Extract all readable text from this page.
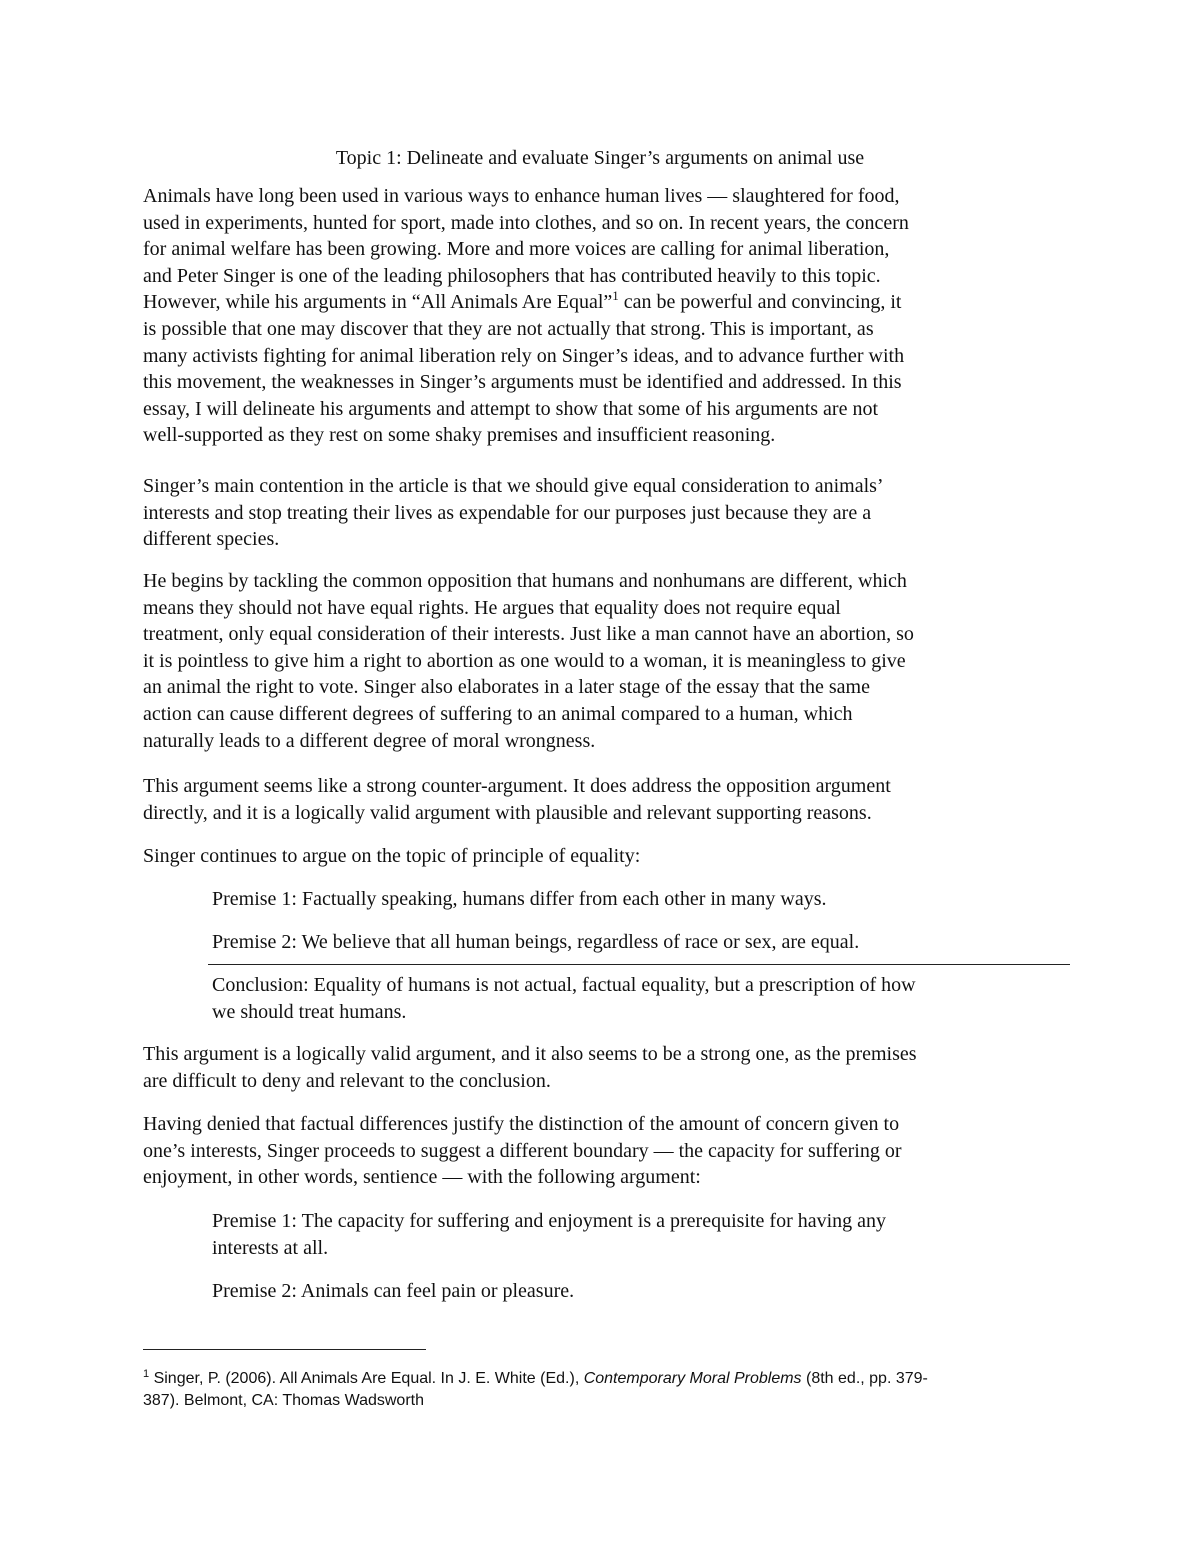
Topic 1: Delineate and evaluate Singer’s arguments on animal use
Animals have long been used in various ways to enhance human lives — slaughtered for food,
used in experiments, hunted for sport, made into clothes, and so on. In recent years, the concern
for animal welfare has been growing. More and more voices are calling for animal liberation,
and Peter Singer is one of the leading philosophers that has contributed heavily to this topic.
However, while his arguments in “All Animals Are Equal”$^1$ can be powerful and convincing, it
is possible that one may discover that they are not actually that strong. This is important, as
many activists fighting for animal liberation rely on Singer’s ideas, and to advance further with
this movement, the weaknesses in Singer’s arguments must be identified and addressed. In this
essay, I will delineate his arguments and attempt to show that some of his arguments are not
well-supported as they rest on some shaky premises and insufficient reasoning.
Singer’s main contention in the article is that we should give equal consideration to animals’
interests and stop treating their lives as expendable for our purposes just because they are a
different species.
He begins by tackling the common opposition that humans and nonhumans are different, which
means they should not have equal rights. He argues that equality does not require equal
treatment, only equal consideration of their interests. Just like a man cannot have an abortion, so
it is pointless to give him a right to abortion as one would to a woman, it is meaningless to give
an animal the right to vote. Singer also elaborates in a later stage of the essay that the same
action can cause different degrees of suffering to an animal compared to a human, which
naturally leads to a different degree of moral wrongness.
This argument seems like a strong counter-argument. It does address the opposition argument
directly, and it is a logically valid argument with plausible and relevant supporting reasons.
Singer continues to argue on the topic of principle of equality:
Premise 1: Factually speaking, humans differ from each other in many ways.
Premise 2: We believe that all human beings, regardless of race or sex, are equal.
Conclusion: Equality of humans is not actual, factual equality, but a prescription of how
we should treat humans.
This argument is a logically valid argument, and it also seems to be a strong one, as the premises
are difficult to deny and relevant to the conclusion.
Having denied that factual differences justify the distinction of the amount of concern given to
one’s interests, Singer proceeds to suggest a different boundary — the capacity for suffering or
enjoyment, in other words, sentience — with the following argument:
Premise 1: The capacity for suffering and enjoyment is a prerequisite for having any
interests at all.
Premise 2: Animals can feel pain or pleasure.
$^1$ Singer, P. (2006). All Animals Are Equal. In J. E. White (Ed.), Contemporary Moral Problems (8th ed., pp. 379-
387). Belmont, CA: Thomas Wadsworth
